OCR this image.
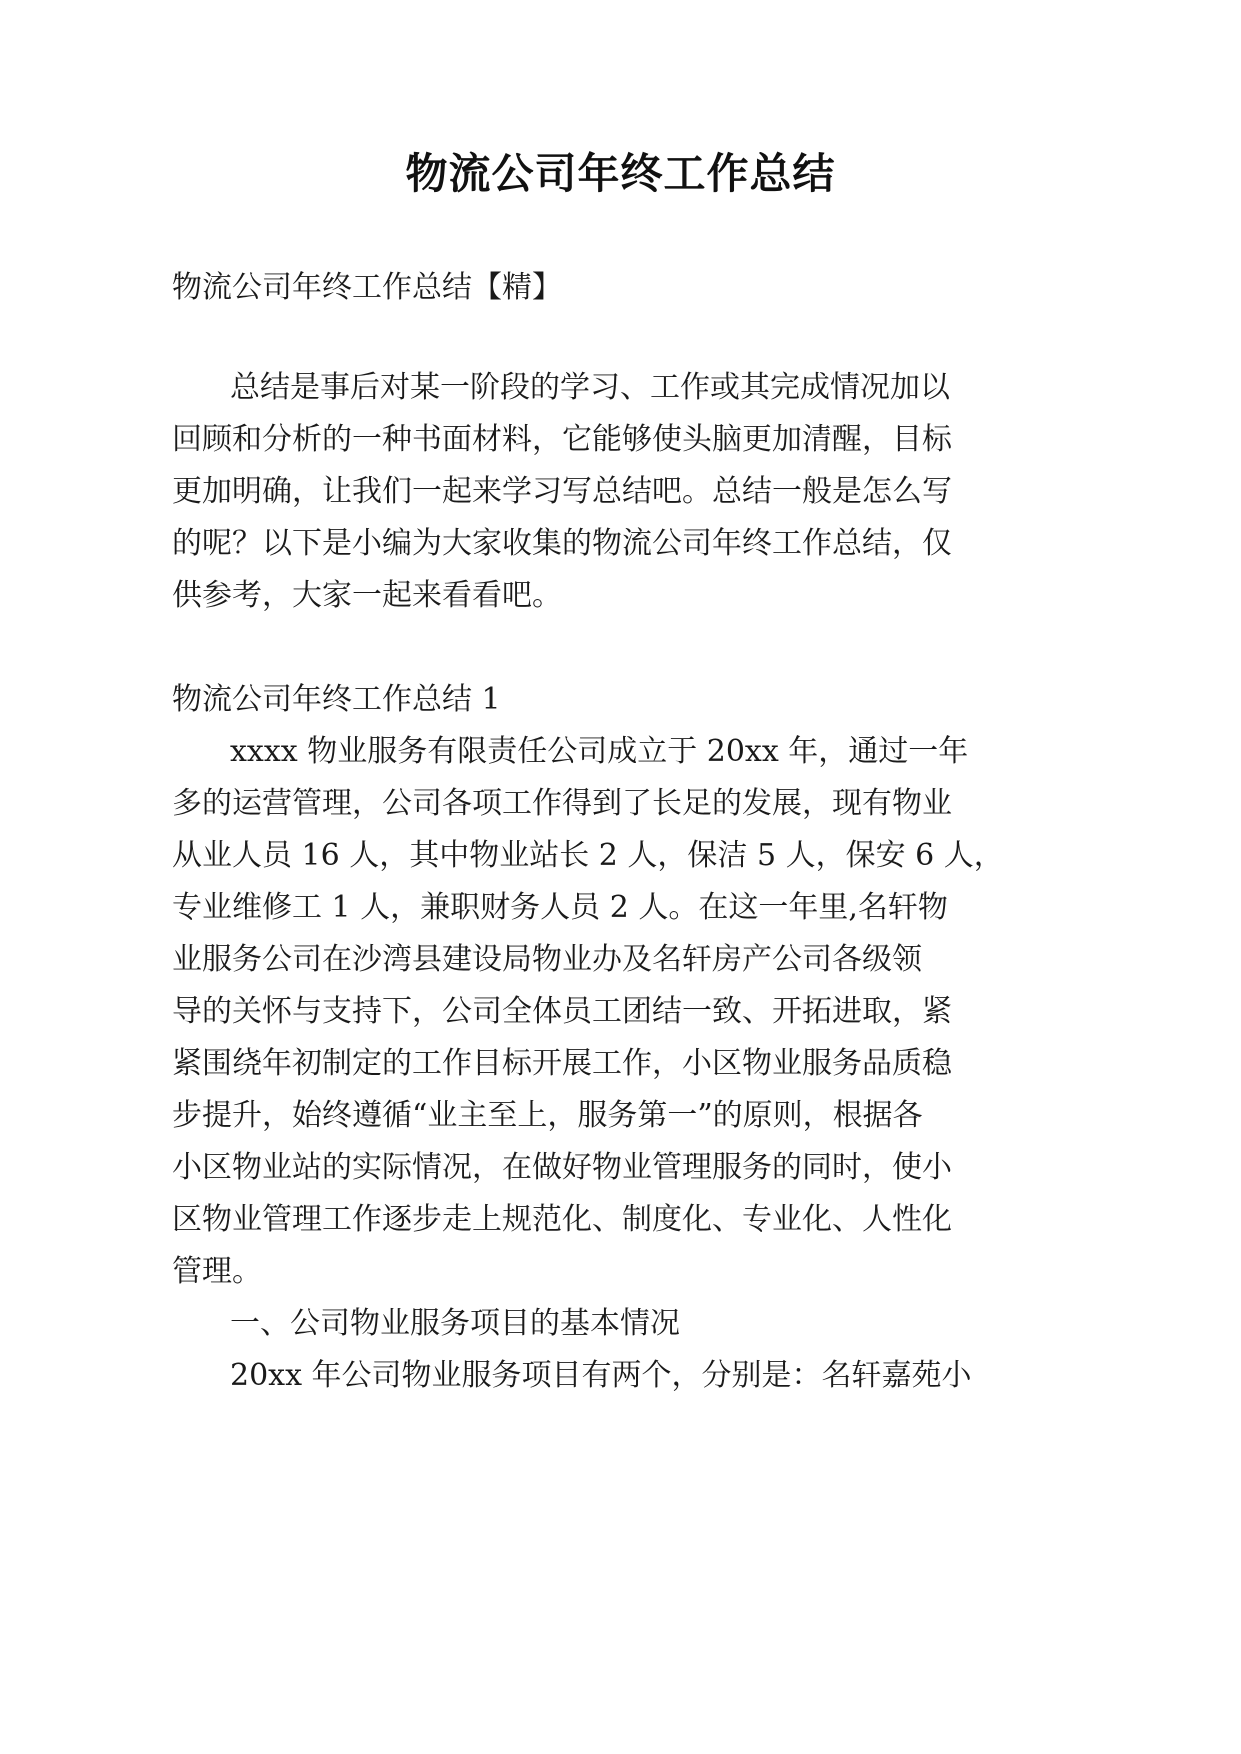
物流公司年终工作总结
物流公司年终工作总结【精】
总结是事后对某一阶段的学习、工作或其完成情况加以
回顾和分析的一种书面材料，它能够使头脑更加清醒，目标
更加明确，让我们一起来学习写总结吧。总结一般是怎么写
的呢？以下是小编为大家收集的物流公司年终工作总结，仅
供参考，大家一起来看看吧。
物流公司年终工作总结 1
xxxx 物业服务有限责任公司成立于 20xx 年，通过一年
多的运营管理，公司各项工作得到了长足的发展，现有物业
从业人员 16 人，其中物业站长 2 人，保洁 5 人，保安 6 人，
专业维修工 1 人，兼职财务人员 2 人。在这一年里,名轩物
业服务公司在沙湾县建设局物业办及名轩房产公司各级领
导的关怀与支持下，公司全体员工团结一致、开拓进取，紧
紧围绕年初制定的工作目标开展工作，小区物业服务品质稳
步提升，始终遵循“业主至上，服务第一”的原则，根据各
小区物业站的实际情况，在做好物业管理服务的同时，使小
区物业管理工作逐步走上规范化、制度化、专业化、人性化
管理。
一、公司物业服务项目的基本情况
20xx 年公司物业服务项目有两个，分别是：名轩嘉苑小
